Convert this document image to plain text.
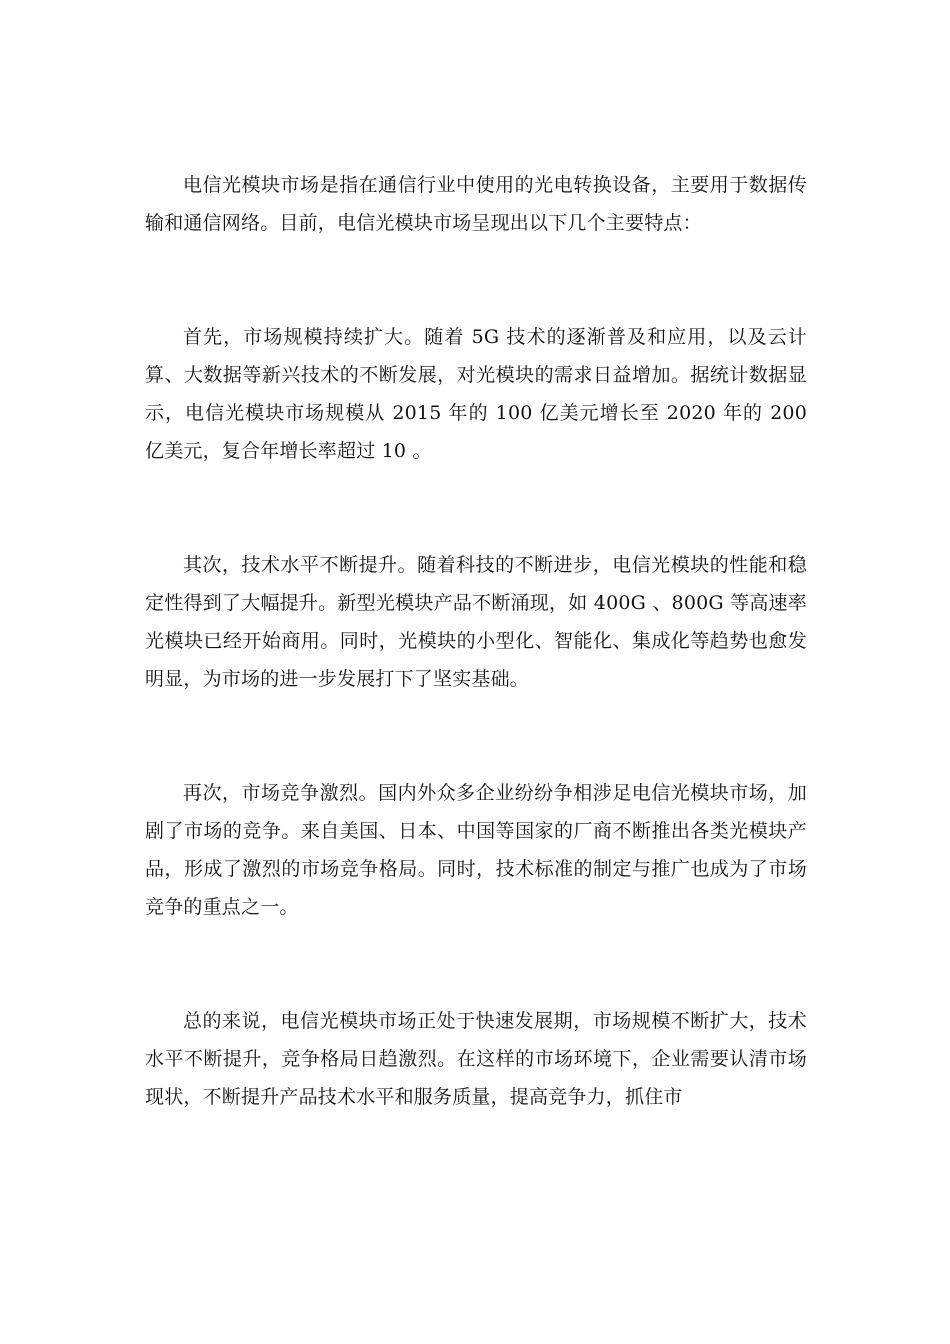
电信光模块市场是指在通信行业中使用的光电转换设备，主要用于数据传输和通信网络。目前，电信光模块市场呈现出以下几个主要特点：

首先，市场规模持续扩大。随着 5G 技术的逐渐普及和应用，以及云计算、大数据等新兴技术的不断发展，对光模块的需求日益增加。据统计数据显示，电信光模块市场规模从 2015 年的 100 亿美元增长至 2020 年的 200 亿美元，复合年增长率超过 10 。

其次，技术水平不断提升。随着科技的不断进步，电信光模块的性能和稳定性得到了大幅提升。新型光模块产品不断涌现，如 400G 、800G 等高速率光模块已经开始商用。同时，光模块的小型化、智能化、集成化等趋势也愈发明显，为市场的进一步发展打下了坚实基础。

再次，市场竞争激烈。国内外众多企业纷纷争相涉足电信光模块市场，加剧了市场的竞争。来自美国、日本、中国等国家的厂商不断推出各类光模块产品，形成了激烈的市场竞争格局。同时，技术标准的制定与推广也成为了市场竞争的重点之一。

总的来说，电信光模块市场正处于快速发展期，市场规模不断扩大，技术水平不断提升，竞争格局日趋激烈。在这样的市场环境下，企业需要认清市场现状，不断提升产品技术水平和服务质量，提高竞争力，抓住市
